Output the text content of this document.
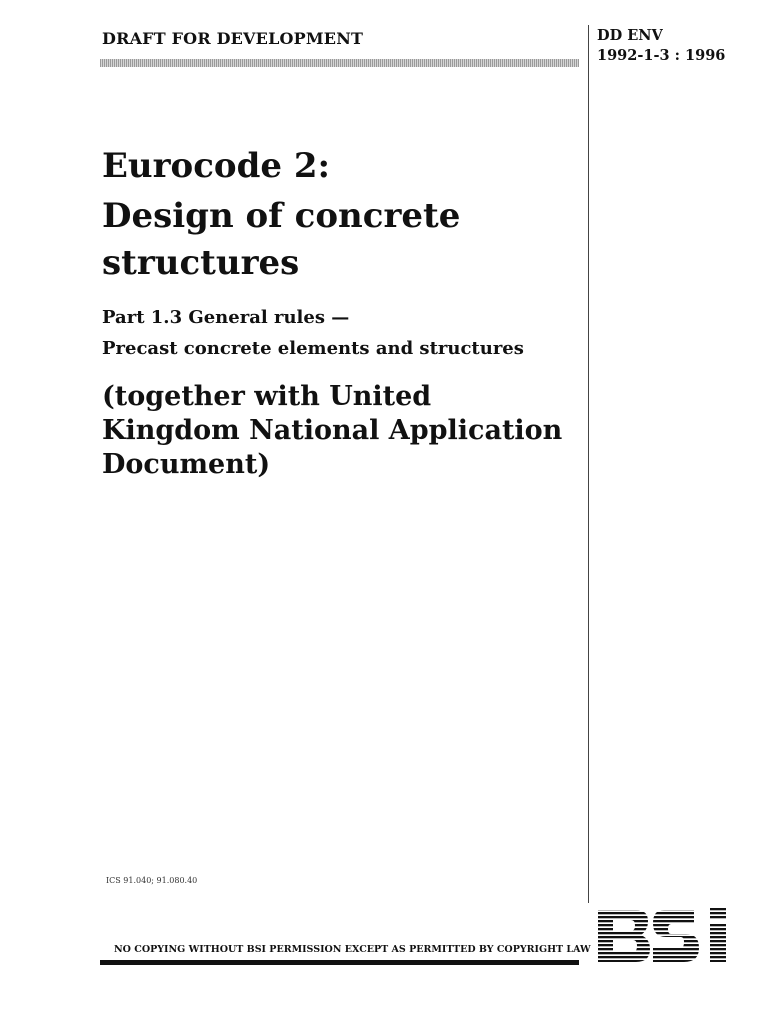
DRAFT FOR DEVELOPMENT	DD ENV
1992-1-3 : 1996
Eurocode 2:
Design of concrete
structures
Part 1.3 General rules —
Precast concrete elements and structures
(together with United
Kingdom National Application
Document)
ICS 91.040; 91.080.40
NO COPYING WITHOUT BSI PERMISSION EXCEPT AS PERMITTED BY COPYRIGHT LAW
